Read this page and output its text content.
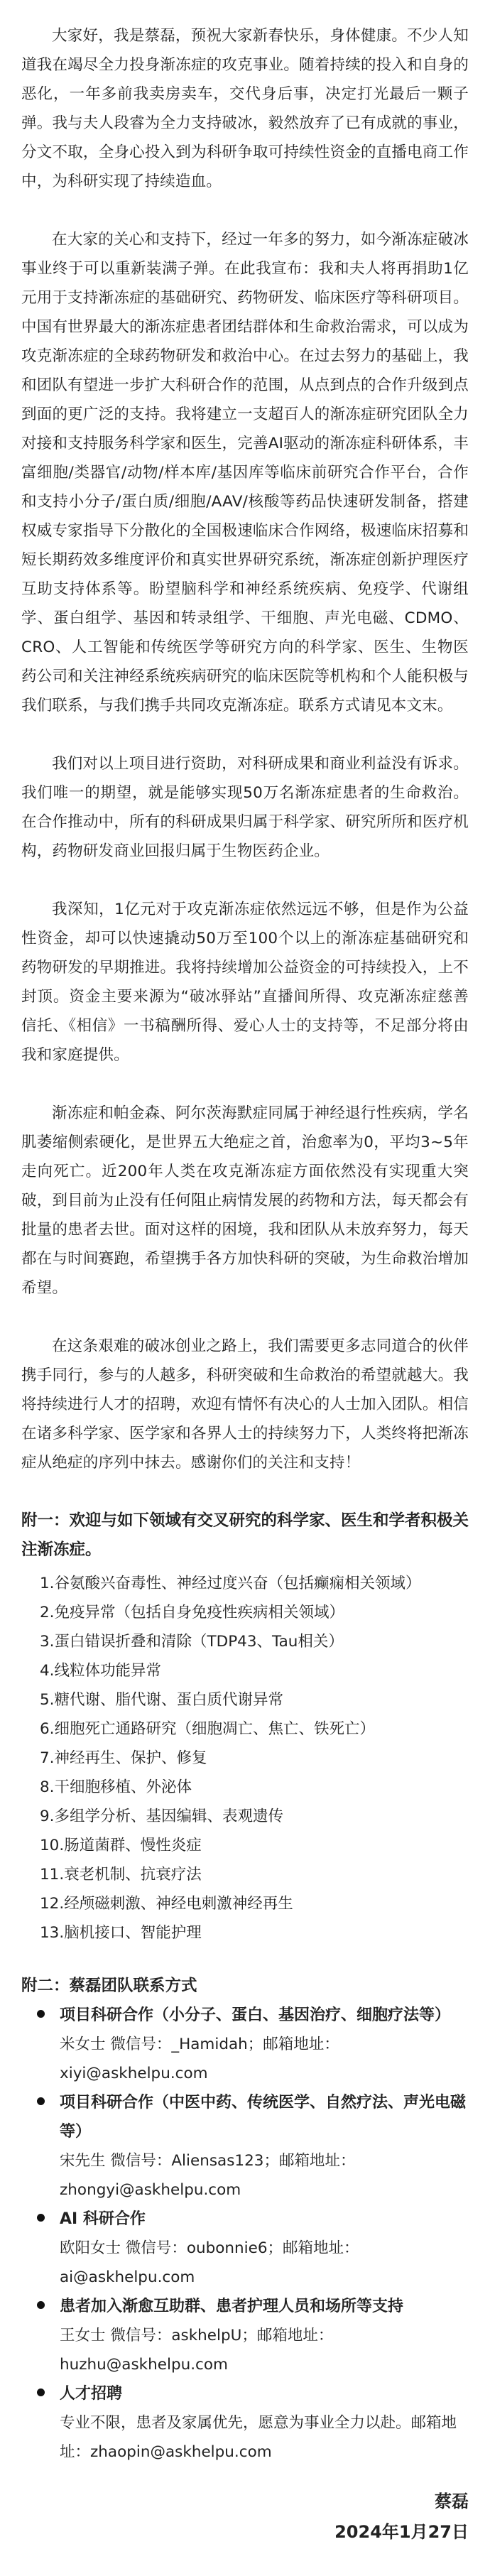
大家好，我是蔡磊，预祝大家新春快乐，身体健康。不少人知道我在竭尽全力投身渐冻症的攻克事业。随着持续的投入和自身的恶化，一年多前我卖房卖车，交代身后事，决定打光最后一颗子弹。我与夫人段睿为全力支持破冰，毅然放弃了已有成就的事业，分文不取，全身心投入到为科研争取可持续性资金的直播电商工作中，为科研实现了持续造血。

在大家的关心和支持下，经过一年多的努力，如今渐冻症破冰事业终于可以重新装满子弹。在此我宣布：我和夫人将再捐助1亿元用于支持渐冻症的基础研究、药物研发、临床医疗等科研项目。中国有世界最大的渐冻症患者团结群体和生命救治需求，可以成为攻克渐冻症的全球药物研发和救治中心。在过去努力的基础上，我和团队有望进一步扩大科研合作的范围，从点到点的合作升级到点到面的更广泛的支持。我将建立一支超百人的渐冻症研究团队全力对接和支持服务科学家和医生，完善AI驱动的渐冻症科研体系，丰富细胞/类器官/动物/样本库/基因库等临床前研究合作平台，合作和支持小分子/蛋白质/细胞/AAV/核酸等药品快速研发制备，搭建权威专家指导下分散化的全国极速临床合作网络，极速临床招募和短长期药效多维度评价和真实世界研究系统，渐冻症创新护理医疗互助支持体系等。盼望脑科学和神经系统疾病、免疫学、代谢组学、蛋白组学、基因和转录组学、干细胞、声光电磁、CDMO、CRO、人工智能和传统医学等研究方向的科学家、医生、生物医药公司和关注神经系统疾病研究的临床医院等机构和个人能积极与我们联系，与我们携手共同攻克渐冻症。联系方式请见本文末。

我们对以上项目进行资助，对科研成果和商业利益没有诉求。我们唯一的期望，就是能够实现50万名渐冻症患者的生命救治。在合作推动中，所有的科研成果归属于科学家、研究所所和医疗机构，药物研发商业回报归属于生物医药企业。

我深知，1亿元对于攻克渐冻症依然远远不够，但是作为公益性资金，却可以快速撬动50万至100个以上的渐冻症基础研究和药物研发的早期推进。我将持续增加公益资金的可持续投入，上不封顶。资金主要来源为“破冰驿站”直播间所得、攻克渐冻症慈善信托、《相信》一书稿酬所得、爱心人士的支持等，不足部分将由我和家庭提供。

渐冻症和帕金森、阿尔茨海默症同属于神经退行性疾病，学名肌萎缩侧索硬化，是世界五大绝症之首，治愈率为0，平均3~5年走向死亡。近200年人类在攻克渐冻症方面依然没有实现重大突破，到目前为止没有任何阻止病情发展的药物和方法，每天都会有批量的患者去世。面对这样的困境，我和团队从未放弃努力，每天都在与时间赛跑，希望携手各方加快科研的突破，为生命救治增加希望。

在这条艰难的破冰创业之路上，我们需要更多志同道合的伙伴携手同行，参与的人越多，科研突破和生命救治的希望就越大。我将持续进行人才的招聘，欢迎有情怀有决心的人士加入团队。相信在诸多科学家、医学家和各界人士的持续努力下，人类终将把渐冻症从绝症的序列中抹去。感谢你们的关注和支持！

附一：欢迎与如下领域有交叉研究的科学家、医生和学者积极关注渐冻症。

1.谷氨酸兴奋毒性、神经过度兴奋（包括癫痫相关领域）
2.免疫异常（包括自身免疫性疾病相关领域）
3.蛋白错误折叠和清除（TDP43、Tau相关）
4.线粒体功能异常
5.糖代谢、脂代谢、蛋白质代谢异常
6.细胞死亡通路研究（细胞凋亡、焦亡、铁死亡）
7.神经再生、保护、修复
8.干细胞移植、外泌体
9.多组学分析、基因编辑、表观遗传
10.肠道菌群、慢性炎症
11.衰老机制、抗衰疗法
12.经颅磁刺激、神经电刺激神经再生
13.脑机接口、智能护理

附二：蔡磊团队联系方式

项目科研合作（小分子、蛋白、基因治疗、细胞疗法等）
米女士 微信号：_Hamidah；邮箱地址：xiyi@askhelpu.com
项目科研合作（中医中药、传统医学、自然疗法、声光电磁等）
宋先生 微信号：Aliensas123；邮箱地址：zhongyi@askhelpu.com
AI 科研合作
欧阳女士 微信号：oubonnie6；邮箱地址：ai@askhelpu.com
患者加入渐愈互助群、患者护理人员和场所等支持
王女士 微信号：askhelpU；邮箱地址：huzhu@askhelpu.com
人才招聘
专业不限，患者及家属优先，愿意为事业全力以赴。邮箱地址：zhaopin@askhelpu.com
蔡磊
2024年1月27日
